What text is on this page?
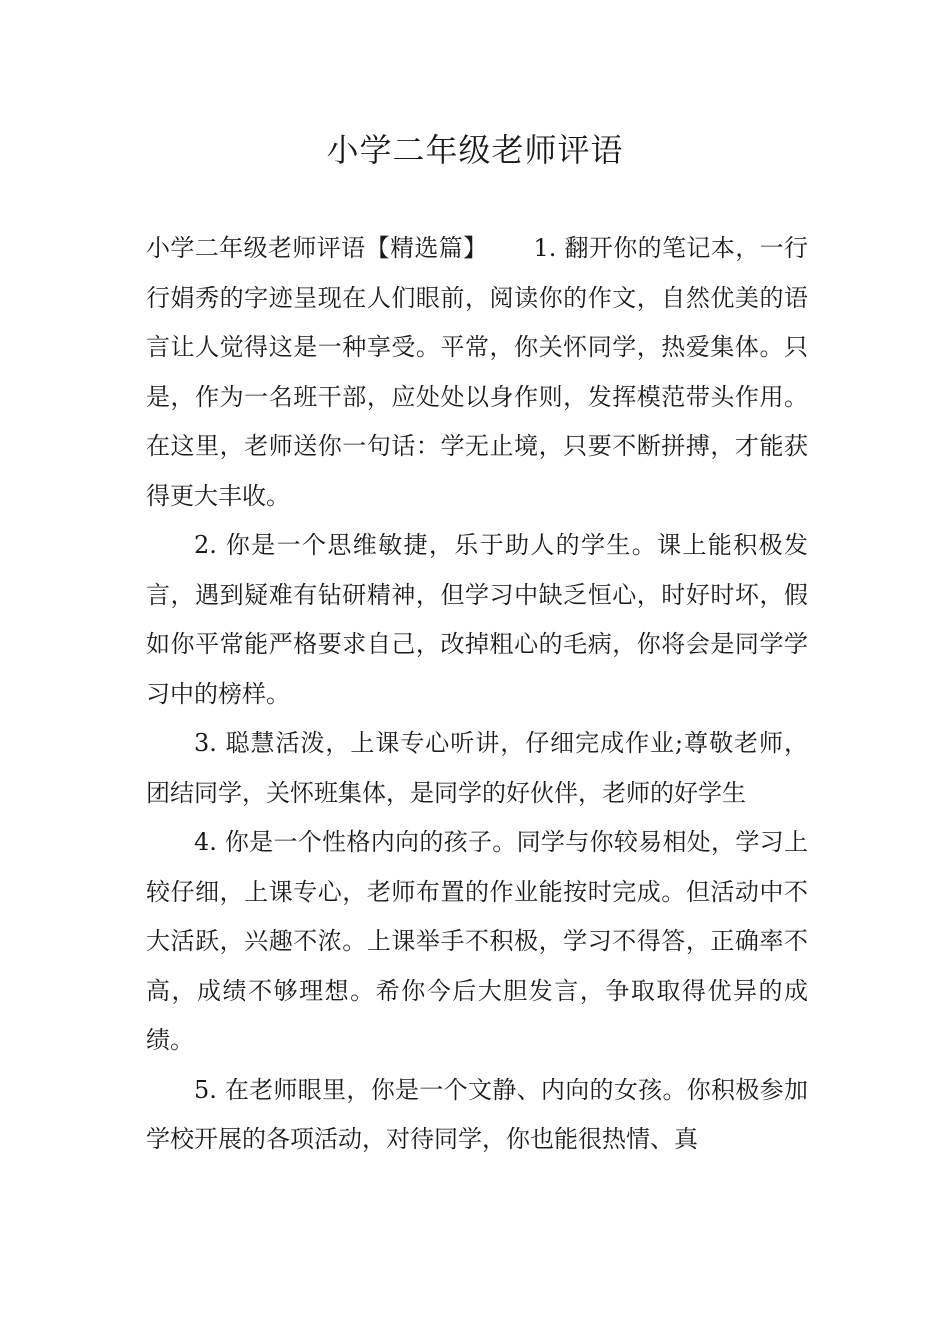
小学二年级老师评语

小学二年级老师评语【精选篇】 1. 翻开你的笔记本，一行行娟秀的字迹呈现在人们眼前，阅读你的作文，自然优美的语言让人觉得这是一种享受。平常，你关怀同学，热爱集体。只是，作为一名班干部，应处处以身作则，发挥模范带头作用。在这里，老师送你一句话：学无止境，只要不断拼搏，才能获得更大丰收。

2. 你是一个思维敏捷，乐于助人的学生。课上能积极发言，遇到疑难有钻研精神，但学习中缺乏恒心，时好时坏，假如你平常能严格要求自己，改掉粗心的毛病，你将会是同学学习中的榜样。

3. 聪慧活泼，上课专心听讲，仔细完成作业;尊敬老师，团结同学，关怀班集体，是同学的好伙伴，老师的好学生

4. 你是一个性格内向的孩子。同学与你较易相处，学习上较仔细，上课专心，老师布置的作业能按时完成。但活动中不大活跃，兴趣不浓。上课举手不积极，学习不得答，正确率不高，成绩不够理想。希你今后大胆发言，争取取得优异的成绩。

5. 在老师眼里，你是一个文静、内向的女孩。你积极参加学校开展的各项活动，对待同学，你也能很热情、真
